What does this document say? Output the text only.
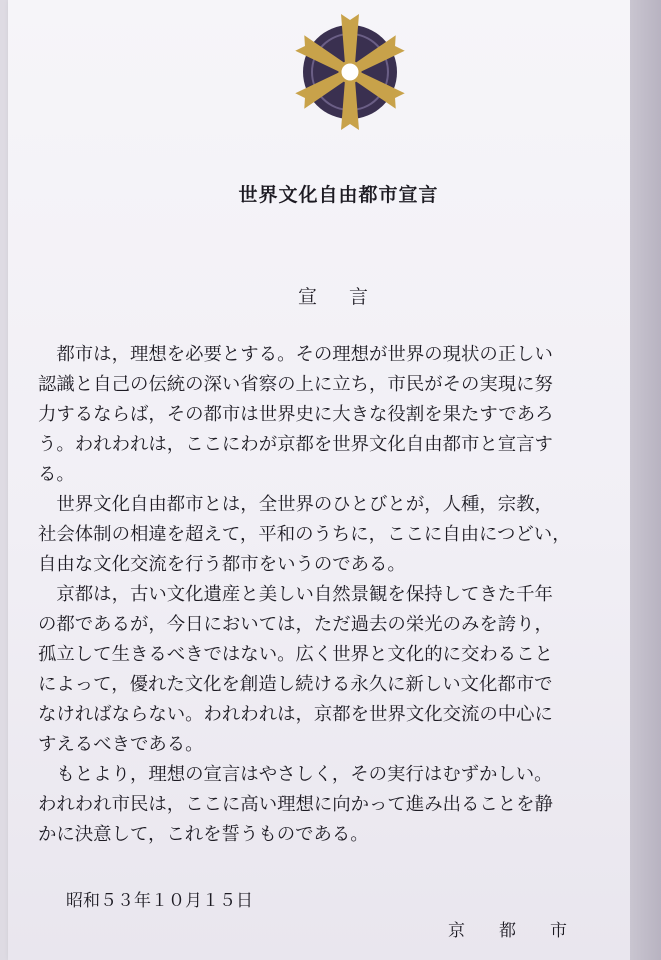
世界文化自由都市宣言
宣言
　都市は，理想を必要とする。その理想が世界の現状の正しい
認識と自己の伝統の深い省察の上に立ち，市民がその実現に努
力するならば，その都市は世界史に大きな役割を果たすであろ
う。われわれは，ここにわが京都を世界文化自由都市と宣言す
る。
　世界文化自由都市とは，全世界のひとびとが，人種，宗教，
社会体制の相違を超えて，平和のうちに，ここに自由につどい，
自由な文化交流を行う都市をいうのである。
　京都は，古い文化遺産と美しい自然景観を保持してきた千年
の都であるが，今日においては，ただ過去の栄光のみを誇り，
孤立して生きるべきではない。広く世界と文化的に交わること
によって，優れた文化を創造し続ける永久に新しい文化都市で
なければならない。われわれは，京都を世界文化交流の中心に
すえるべきである。
　もとより，理想の宣言はやさしく，その実行はむずかしい。
われわれ市民は，ここに高い理想に向かって進み出ることを静
かに決意して，これを誓うものである。
昭和５３年１０月１５日
京都市
